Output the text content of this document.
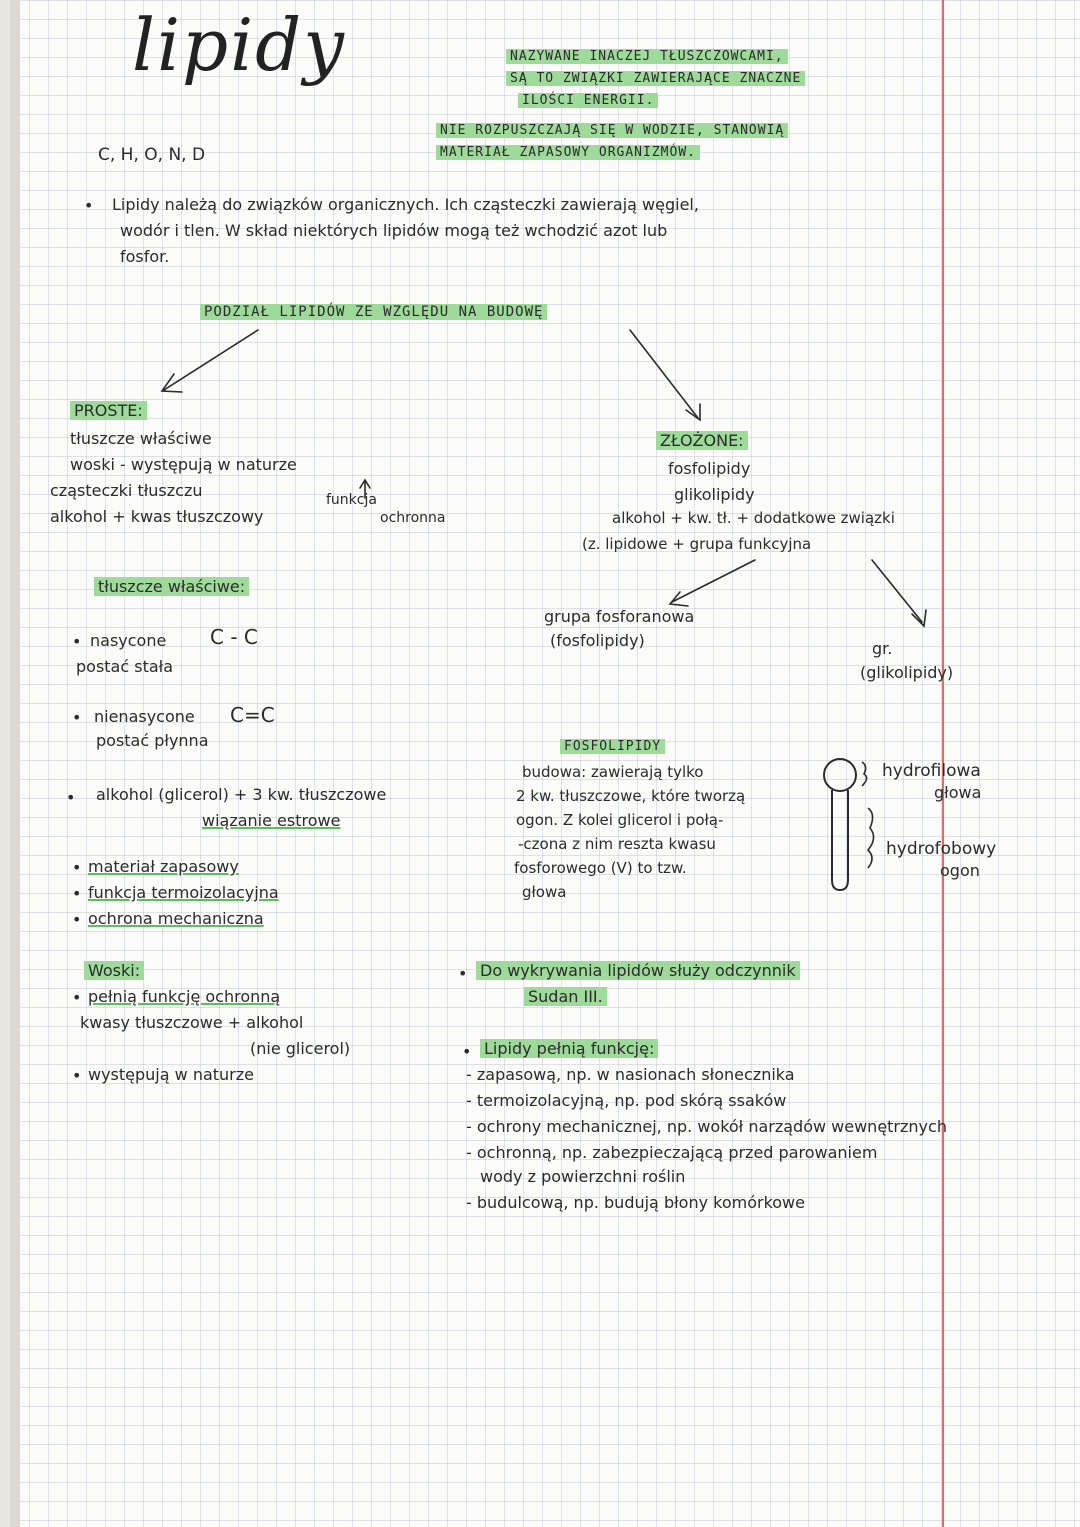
lipidy	NAZYWANE INACZEJ TŁUSZCZOWCAMI,
SĄ TO ZWIĄZKI ZAWIERAJĄCE ZNACZNE
ILOŚCI ENERGII.
NIE ROZPUSZCZAJĄ SIĘ W WODZIE, STANOWIĄ
MATERIAŁ ZAPASOWY ORGANIZMÓW.
C, H, O, N, D
• Lipidy należą do związków organicznych. Ich cząsteczki zawierają węgiel,
wodór i tlen. W skład niektórych lipidów mogą też wchodzić azot lub
fosfor.
PODZIAŁ LIPIDÓW ZE WZGLĘDU NA BUDOWĘ
PROSTE:
tłuszcze właściwe
woski - występują w naturze
cząsteczki tłuszczu
alkohol + kwas tłuszczowy
funkcja
ochronna
ZŁOŻONE:
fosfolipidy
glikolipidy
alkohol + kw. tł. + dodatkowe związki
(z. lipidowe + grupa funkcyjna
grupa fosforanowa
(fosfolipidy)	gr.
(glikolipidy)
tłuszcze właściwe:
• nasycone C - C
postać stała
• nienasycone C=C
postać płynna
• alkohol (glicerol) + 3 kw. tłuszczowe
wiązanie estrowe
• materiał zapasowy
• funkcja termoizolacyjna
• ochrona mechaniczna
Woski:
• pełnią funkcję ochronną
kwasy tłuszczowe + alkohol
(nie glicerol)
• występują w naturze
FOSFOLIPIDY
budowa: zawierają tylko
2 kw. tłuszczowe, które tworzą
ogon. Z kolei glicerol i połą-
-czona z nim reszta kwasu
fosforowego (V) to tzw.
głowa
hydrofilowa
głowa
hydrofobowy
ogon
• Do wykrywania lipidów służy odczynnik
Sudan III.
• Lipidy pełnią funkcję:
- zapasową, np. w nasionach słonecznika
- termoizolacyjną, np. pod skórą ssaków
- ochrony mechanicznej, np. wokół narządów wewnętrznych
- ochronną, np. zabezpieczającą przed parowaniem
wody z powierzchni roślin
- budulcową, np. budują błony komórkowe
